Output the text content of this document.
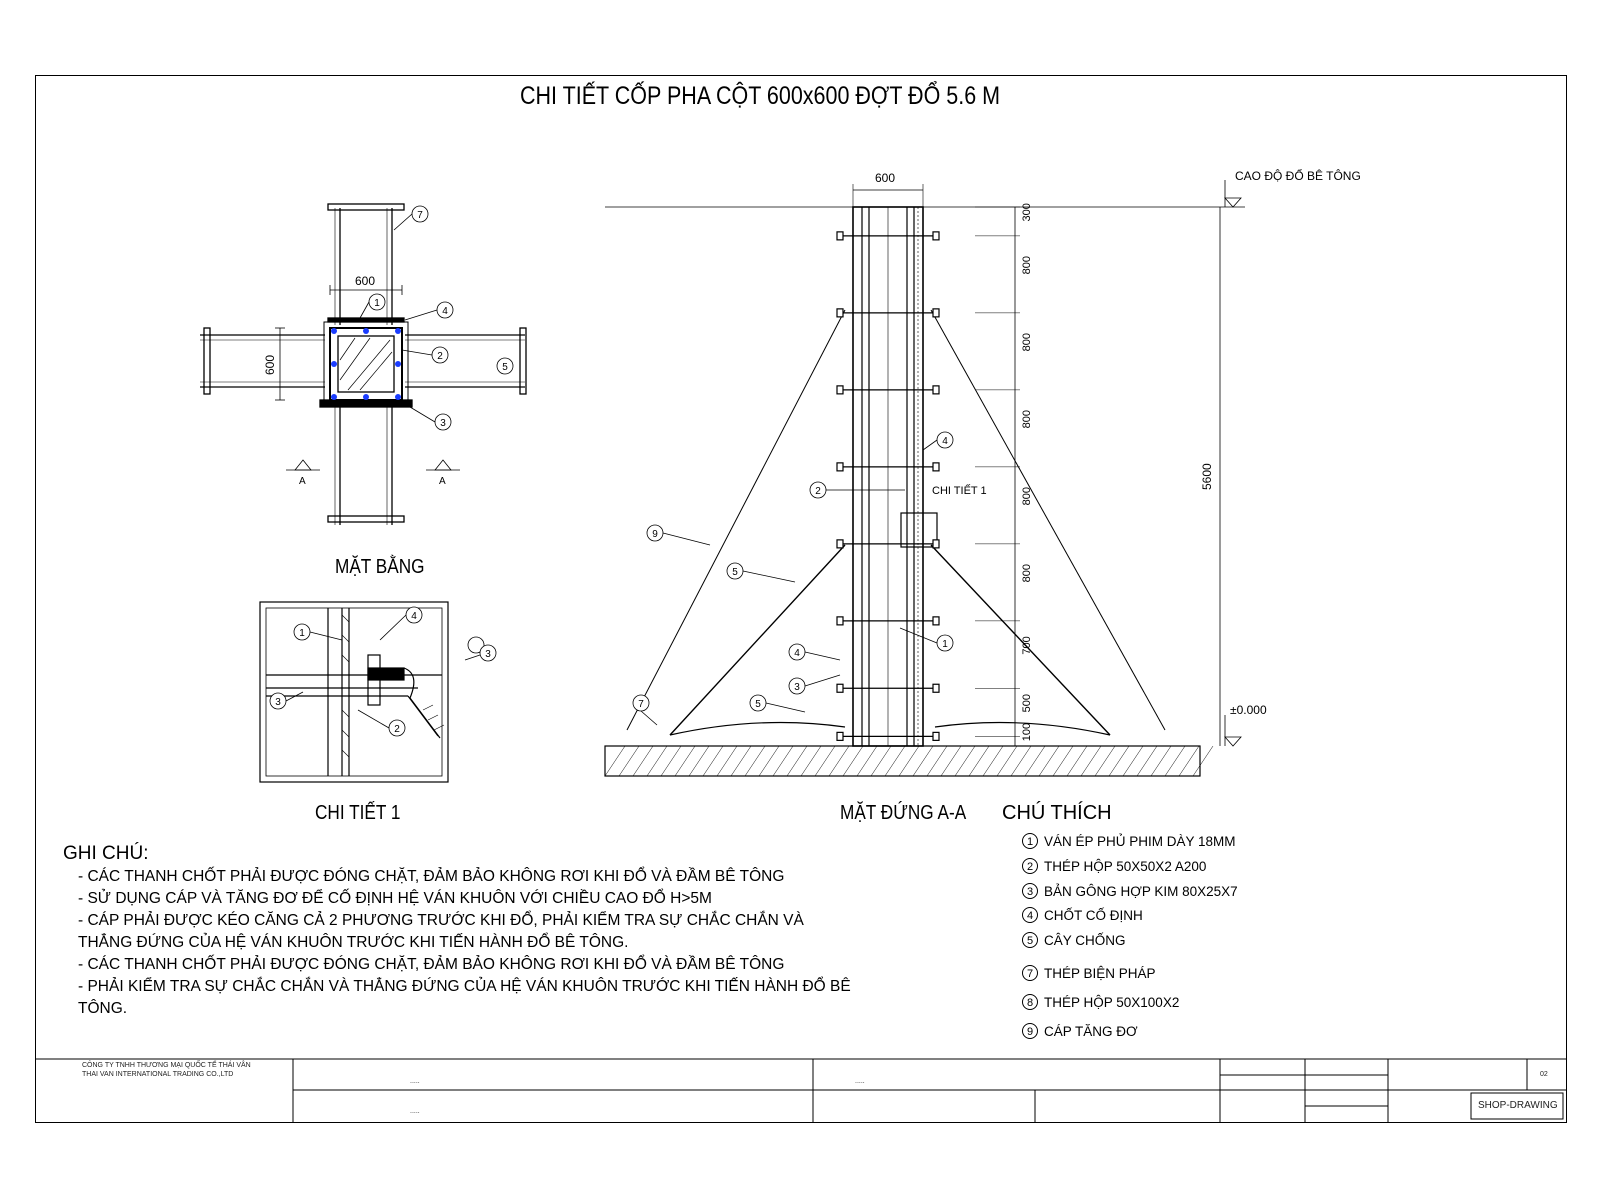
CHI TIẾT CỐP PHA CỘT 600x600 ĐỢT ĐỔ 5.6 M
600
600
7
1
4
2
3
5
A	A
MẶT BẰNG
1
4
3
2
3
CHI TIẾT 1
600
5600
300
800
800
800
800
800
700
500
100
CAO ĐỘ ĐỔ BÊ TÔNG
±0.000
CHI TIẾT 1
9
5
2
4
1
4
3
5
7
MẶT ĐỨNG A-A
GHI CHÚ:
- CÁC THANH CHỐT PHẢI ĐƯỢC ĐÓNG CHẶT, ĐẢM BẢO KHÔNG RƠI KHI ĐỔ VÀ ĐẦM BÊ TÔNG
- SỬ DỤNG CÁP VÀ TĂNG ĐƠ ĐỂ CỐ ĐỊNH HỆ VÁN KHUÔN VỚI CHIỀU CAO ĐỔ H>5M
- CÁP PHẢI ĐƯỢC KÉO CĂNG CẢ 2 PHƯƠNG TRƯỚC KHI ĐỔ, PHẢI KIỂM TRA SỰ CHẮC CHẮN VÀ
THẲNG ĐỨNG CỦA HỆ VÁN KHUÔN TRƯỚC KHI TIẾN HÀNH ĐỔ BÊ TÔNG.
- CÁC THANH CHỐT PHẢI ĐƯỢC ĐÓNG CHẶT, ĐẢM BẢO KHÔNG RƠI KHI ĐỔ VÀ ĐẦM BÊ TÔNG
- PHẢI KIỂM TRA SỰ CHẮC CHẮN VÀ THẲNG ĐỨNG CỦA HỆ VÁN KHUÔN TRƯỚC KHI TIẾN HÀNH ĐỔ BÊ
TÔNG.
CHÚ THÍCH
1 VÁN ÉP PHỦ PHIM DÀY 18MM
2 THÉP HỘP 50X50X2 A200
3 BẢN GÔNG HỢP KIM 80X25X7
4 CHỐT CỐ ĐỊNH
5 CÂY CHỐNG
7 THÉP BIỆN PHÁP
8 THÉP HỘP 50X100X2
9 CÁP TĂNG ĐƠ
CÔNG TY TNHH THƯƠNG MẠI QUỐC TẾ THÁI VÂN
THAI VAN INTERNATIONAL TRADING CO.,LTD
.....
.....
.....
02
SHOP-DRAWING
